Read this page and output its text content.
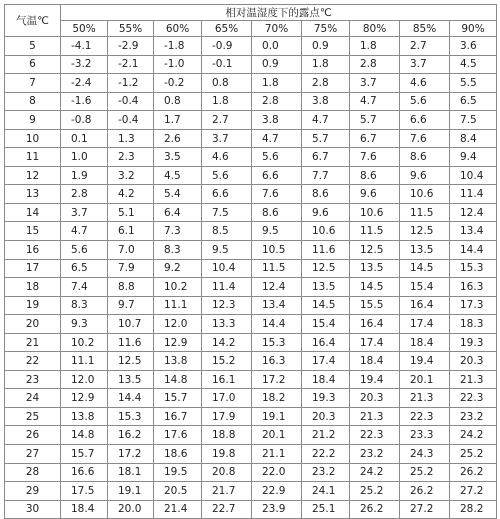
气温℃	相对温湿度下的露点℃								
	50%	55%	60%	65%	70%	75%	80%	85%	90%
5	-4.1	-2.9	-1.8	-0.9	0.0	0.9	1.8	2.7	3.6
6	-3.2	-2.1	-1.0	-0.1	0.9	1.8	2.8	3.7	4.5
7	-2.4	-1.2	-0.2	0.8	1.8	2.8	3.7	4.6	5.5
8	-1.6	-0.4	0.8	1.8	2.8	3.8	4.7	5.6	6.5
9	-0.8	-0.4	1.7	2.7	3.8	4.7	5.7	6.6	7.5
10	0.1	1.3	2.6	3.7	4.7	5.7	6.7	7.6	8.4
11	1.0	2.3	3.5	4.6	5.6	6.7	7.6	8.6	9.4
12	1.9	3.2	4.5	5.6	6.6	7.7	8.6	9.6	10.4
13	2.8	4.2	5.4	6.6	7.6	8.6	9.6	10.6	11.4
14	3.7	5.1	6.4	7.5	8.6	9.6	10.6	11.5	12.4
15	4.7	6.1	7.3	8.5	9.5	10.6	11.5	12.5	13.4
16	5.6	7.0	8.3	9.5	10.5	11.6	12.5	13.5	14.4
17	6.5	7.9	9.2	10.4	11.5	12.5	13.5	14.5	15.3
18	7.4	8.8	10.2	11.4	12.4	13.5	14.5	15.4	16.3
19	8.3	9.7	11.1	12.3	13.4	14.5	15.5	16.4	17.3
20	9.3	10.7	12.0	13.3	14.4	15.4	16.4	17.4	18.3
21	10.2	11.6	12.9	14.2	15.3	16.4	17.4	18.4	19.3
22	11.1	12.5	13.8	15.2	16.3	17.4	18.4	19.4	20.3
23	12.0	13.5	14.8	16.1	17.2	18.4	19.4	20.1	21.3
24	12.9	14.4	15.7	17.0	18.2	19.3	20.3	21.3	22.3
25	13.8	15.3	16.7	17.9	19.1	20.3	21.3	22.3	23.2
26	14.8	16.2	17.6	18.8	20.1	21.2	22.3	23.3	24.2
27	15.7	17.2	18.6	19.8	21.1	22.2	23.2	24.3	25.2
28	16.6	18.1	19.5	20.8	22.0	23.2	24.2	25.2	26.2
29	17.5	19.1	20.5	21.7	22.9	24.1	25.2	26.2	27.2
30	18.4	20.0	21.4	22.7	23.9	25.1	26.2	27.2	28.2
